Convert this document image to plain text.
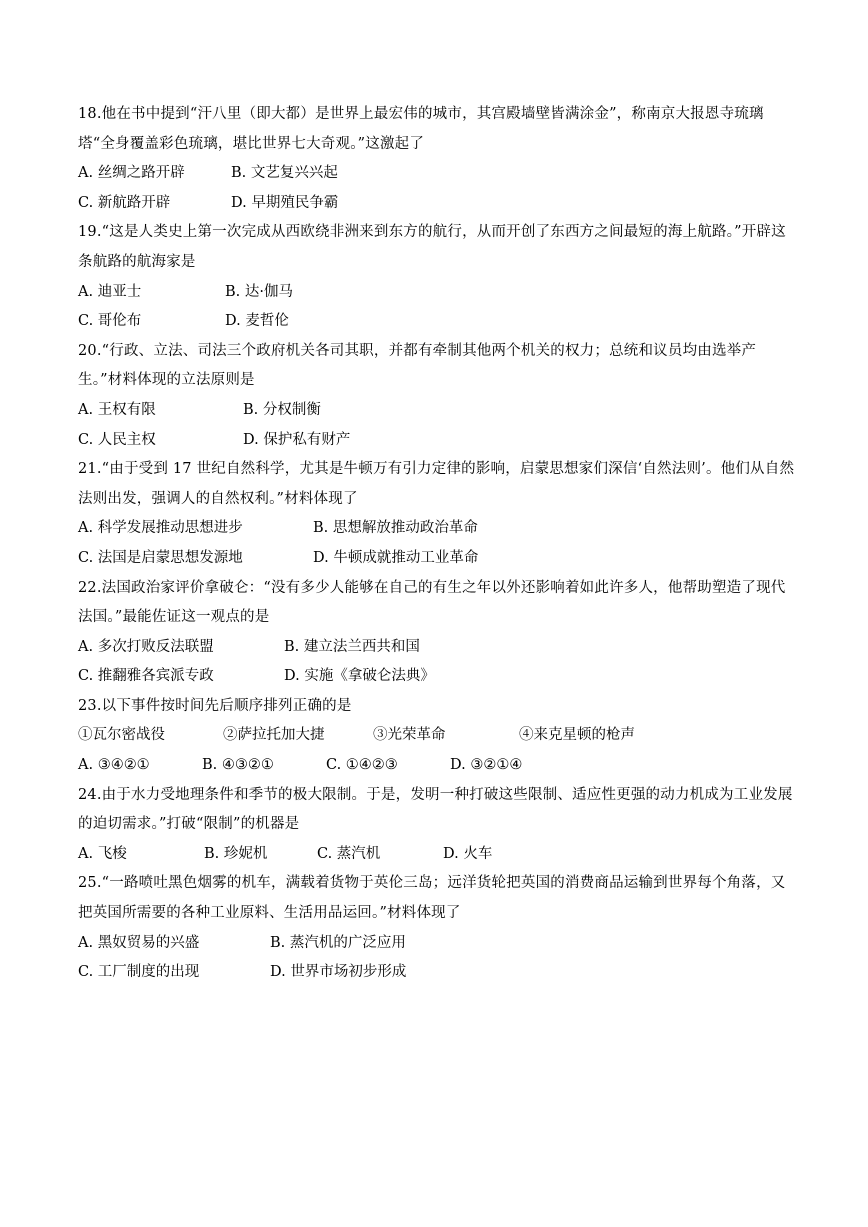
18.他在书中提到“汗八里（即大都）是世界上最宏伟的城市，其宫殿墙壁皆满涂金”，称南京大报恩寺琉璃塔“全身覆盖彩色琉璃，堪比世界七大奇观。”这激起了

A. 丝绸之路开辟	B. 文艺复兴兴起
C. 新航路开辟	D. 早期殖民争霸

19.“这是人类史上第一次完成从西欧绕非洲来到东方的航行，从而开创了东西方之间最短的海上航路。”开辟这条航路的航海家是

A. 迪亚士	B. 达·伽马
C. 哥伦布	D. 麦哲伦

20.“行政、立法、司法三个政府机关各司其职，并都有牵制其他两个机关的权力；总统和议员均由选举产生。”材料体现的立法原则是

A. 王权有限	B. 分权制衡
C. 人民主权	D. 保护私有财产

21.“由于受到 17 世纪自然科学，尤其是牛顿万有引力定律的影响，启蒙思想家们深信‘自然法则’。他们从自然法则出发，强调人的自然权利。”材料体现了

A. 科学发展推动思想进步	B. 思想解放推动政治革命
C. 法国是启蒙思想发源地	D. 牛顿成就推动工业革命

22.法国政治家评价拿破仑：“没有多少人能够在自己的有生之年以外还影响着如此许多人，他帮助塑造了现代法国。”最能佐证这一观点的是

A. 多次打败反法联盟	B. 建立法兰西共和国
C. 推翻雅各宾派专政	D. 实施《拿破仑法典》

23.以下事件按时间先后顺序排列正确的是

①瓦尔密战役	②萨拉托加大捷	③光荣革命	④来克星顿的枪声
A. ③④②①	B. ④③②①	C. ①④②③	D. ③②①④

24.由于水力受地理条件和季节的极大限制。于是，发明一种打破这些限制、适应性更强的动力机成为工业发展的迫切需求。”打破“限制”的机器是

A. 飞梭	B. 珍妮机	C. 蒸汽机	D. 火车

25.“一路喷吐黑色烟雾的机车，满载着货物于英伦三岛；远洋货轮把英国的消费商品运输到世界每个角落，又把英国所需要的各种工业原料、生活用品运回。”材料体现了

A. 黑奴贸易的兴盛	B. 蒸汽机的广泛应用
C. 工厂制度的出现	D. 世界市场初步形成
